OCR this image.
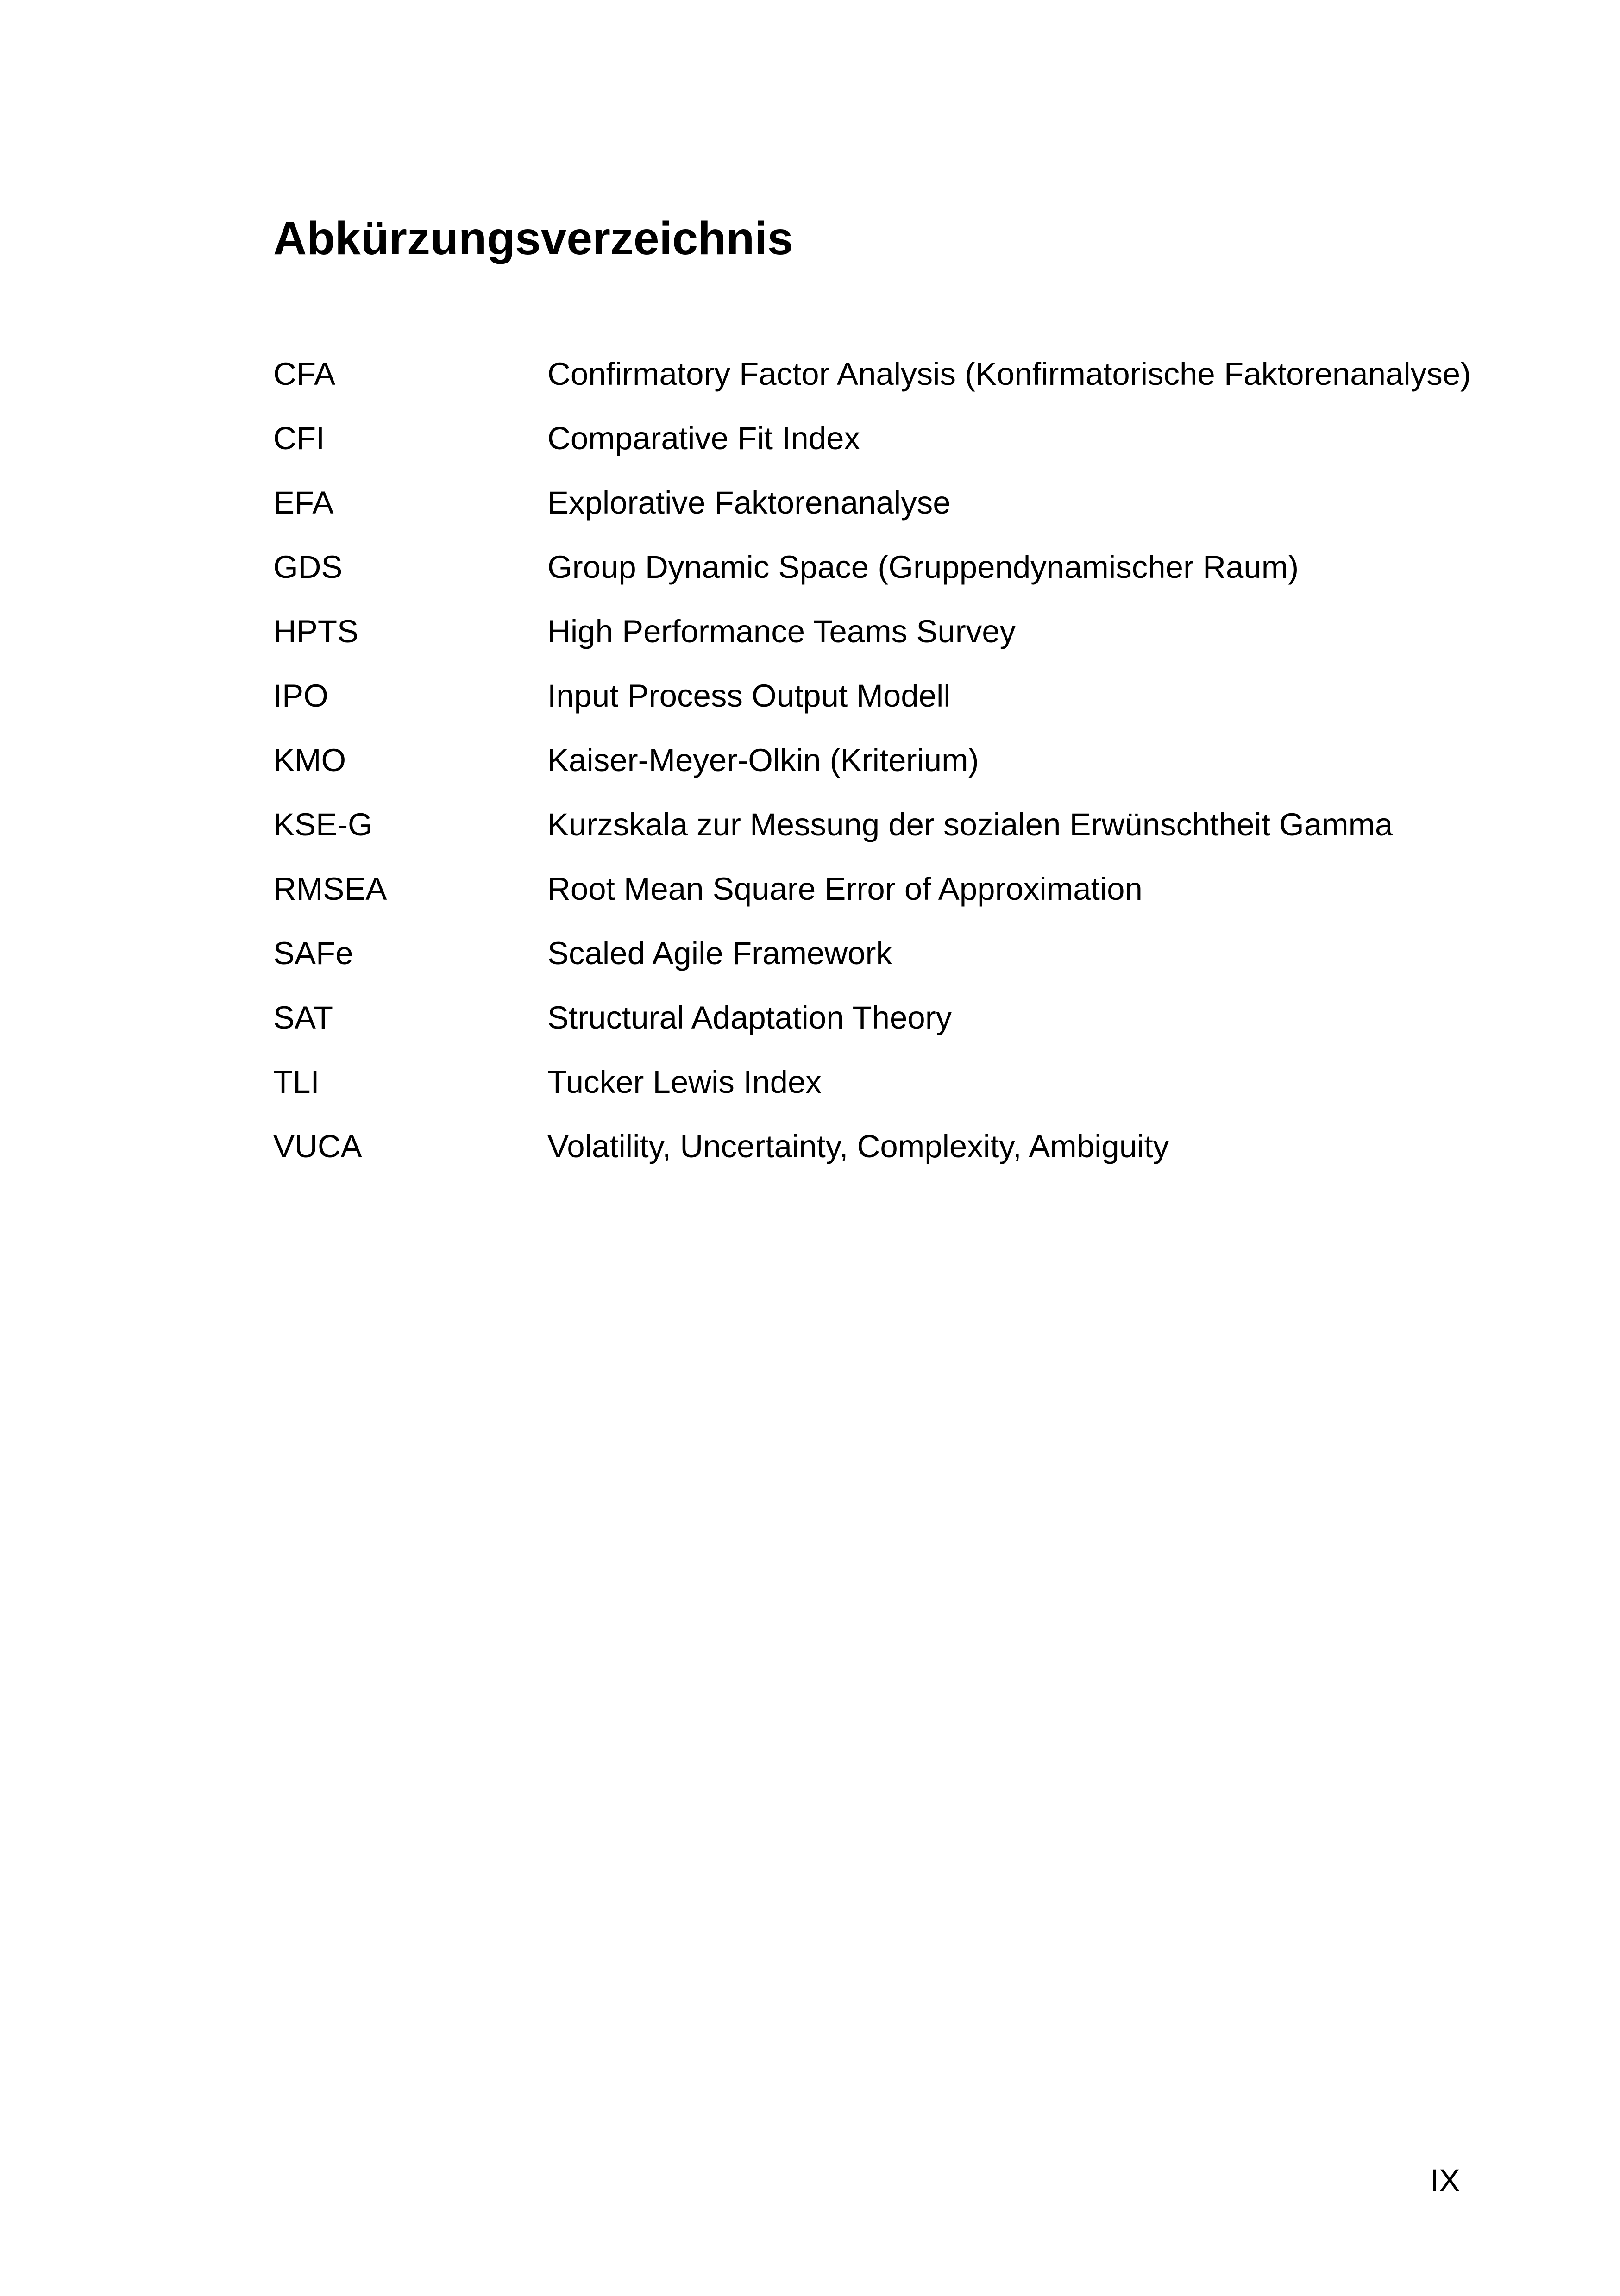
Abkürzungsverzeichnis
CFA	Confirmatory Factor Analysis (Konfirmatorische Faktorenanalyse)
CFI	Comparative Fit Index
EFA	Explorative Faktorenanalyse
GDS	Group Dynamic Space (Gruppendynamischer Raum)
HPTS	High Performance Teams Survey
IPO	Input Process Output Modell
KMO	Kaiser-Meyer-Olkin (Kriterium)
KSE-G	Kurzskala zur Messung der sozialen Erwünschtheit Gamma
RMSEA	Root Mean Square Error of Approximation
SAFe	Scaled Agile Framework
SAT	Structural Adaptation Theory
TLI	Tucker Lewis Index
VUCA	Volatility, Uncertainty, Complexity, Ambiguity
IX
